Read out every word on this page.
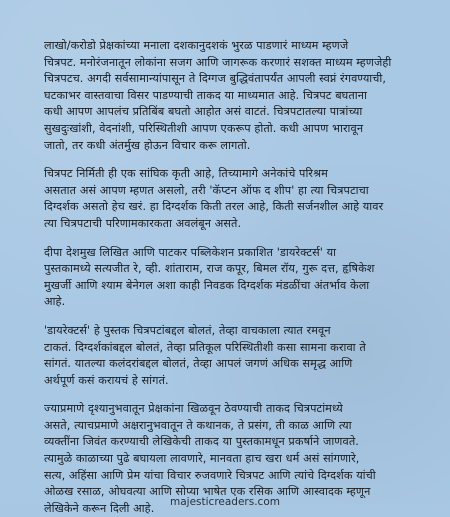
लाखो/करोडो प्रेक्षकांच्या मनाला दशकानुदशकं भुरळ पाडणारं माध्यम म्हणजे
चित्रपट. मनोरंजनातून लोकांना सजग आणि जागरूक करणारं सशक्त माध्यम म्हणजेही
चित्रपटच. अगदी सर्वसामान्यांपासून ते दिग्गज बुद्धिवंतापर्यंत आपली स्वप्नं रंगवण्याची,
घटकाभर वास्तवाचा विसर पाडण्याची ताकद या माध्यमात आहे. चित्रपट बघताना
कधी आपण आपलंच प्रतिबिंब बघतो आहोत असं वाटतं. चित्रपटातल्या पात्रांच्या
सुखदुःखांशी, वेदनांशी, परिस्थितीशी आपण एकरूप होतो. कधी आपण भारावून
जातो, तर कधी अंतर्मुख होऊन विचार करू लागतो.

चित्रपट निर्मिती ही एक सांघिक कृती आहे, तिच्यामागे अनेकांचे परिश्रम
असतात असं आपण म्हणत असलो, तरी 'कॅप्टन ऑफ द शीप' हा त्या चित्रपटाचा
दिग्दर्शक असतो हेच खरं. हा दिग्दर्शक किती तरल आहे, किती सर्जनशील आहे यावर
त्या चित्रपटाची परिणामकारकता अवलंबून असते.

दीपा देशमुख लिखित आणि पाटकर पब्लिकेशन प्रकाशित 'डायरेक्टर्स' या
पुस्तकामध्ये सत्यजीत रे, व्ही. शांताराम, राज कपूर, बिमल रॉय, गुरू दत्त, हृषिकेश
मुखर्जी आणि श्याम बेनेगल अशा काही निवडक दिग्दर्शक मंडळींचा अंतर्भाव केला
आहे.

'डायरेक्टर्स' हे पुस्तक चित्रपटांबद्दल बोलतं, तेव्हा वाचकाला त्यात रमवून
टाकतं. दिग्दर्शकांबद्दल बोलतं, तेव्हा प्रतिकूल परिस्थितीशी कसा सामना करावा ते
सांगतं. यातल्या कलंदरांबद्दल बोलतं, तेव्हा आपलं जगणं अधिक समृद्ध आणि
अर्थपूर्ण कसं करायचं हे सांगतं.

ज्याप्रमाणे दृश्यानुभवातून प्रेक्षकांना खिळवून ठेवण्याची ताकद चित्रपटांमध्ये
असते, त्याचप्रमाणे अक्षरानुभवातून ते कथानक, ते प्रसंग, ती काळ आणि त्या
व्यक्तींना जिवंत करण्याची लेखिकेची ताकद या पुस्तकामधून प्रकर्षाने जाणवते.
त्यामुळे काळाच्या पुढे बघायला लावणारे, मानवता हाच खरा धर्म असं सांगणारे,
सत्य, अहिंसा आणि प्रेम यांचा विचार रुजवणारे चित्रपट आणि त्यांचे दिग्दर्शक यांची
ओळख रसाळ, ओघवत्या आणि सोप्या भाषेत एक रसिक आणि आस्वादक म्हणून
लेखिकेने करून दिली आहे.	majesticreaders.com
